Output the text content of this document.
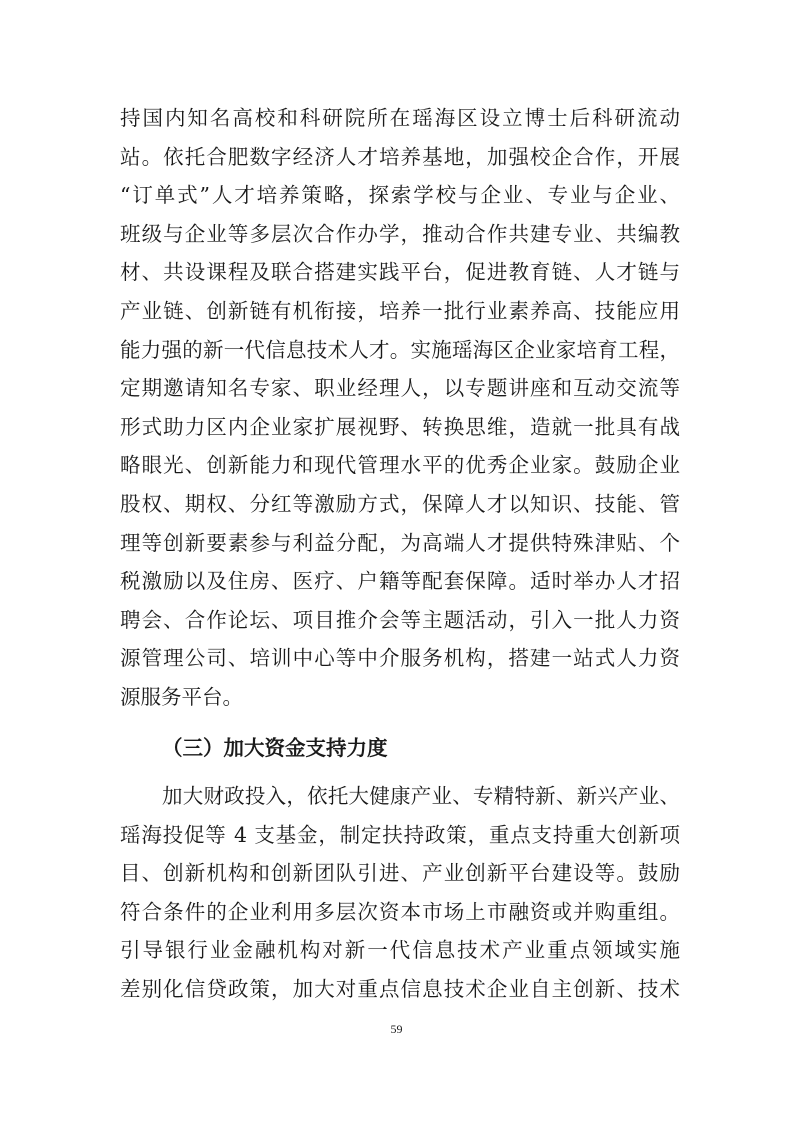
持国内知名高校和科研院所在瑶海区设立博士后科研流动
站。依托合肥数字经济人才培养基地，加强校企合作，开展
“订单式”人才培养策略，探索学校与企业、专业与企业、
班级与企业等多层次合作办学，推动合作共建专业、共编教
材、共设课程及联合搭建实践平台，促进教育链、人才链与
产业链、创新链有机衔接，培养一批行业素养高、技能应用
能力强的新一代信息技术人才。实施瑶海区企业家培育工程，
定期邀请知名专家、职业经理人，以专题讲座和互动交流等
形式助力区内企业家扩展视野、转换思维，造就一批具有战
略眼光、创新能力和现代管理水平的优秀企业家。鼓励企业
股权、期权、分红等激励方式，保障人才以知识、技能、管
理等创新要素参与利益分配，为高端人才提供特殊津贴、个
税激励以及住房、医疗、户籍等配套保障。适时举办人才招
聘会、合作论坛、项目推介会等主题活动，引入一批人力资
源管理公司、培训中心等中介服务机构，搭建一站式人力资
源服务平台。
（三）加大资金支持力度
加大财政投入，依托大健康产业、专精特新、新兴产业、
瑶海投促等 4 支基金，制定扶持政策，重点支持重大创新项
目、创新机构和创新团队引进、产业创新平台建设等。鼓励
符合条件的企业利用多层次资本市场上市融资或并购重组。
引导银行业金融机构对新一代信息技术产业重点领域实施
差别化信贷政策，加大对重点信息技术企业自主创新、技术
59
